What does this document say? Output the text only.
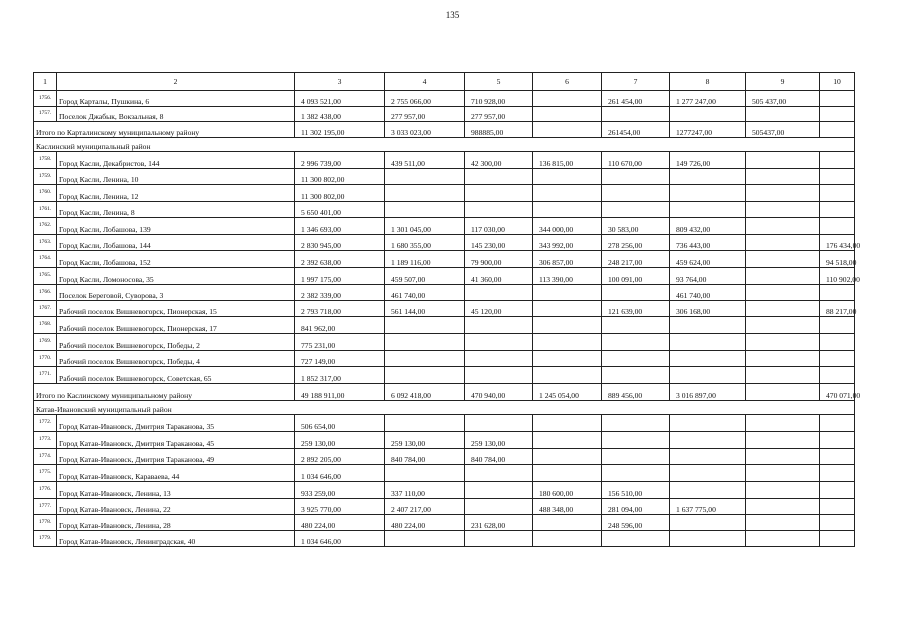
135
1	2	3	4	5	6	7	8	9	10
1756.	Город Карталы, Пушкина, 6	4 093 521,00	2 755 066,00	710 928,00		261 454,00	1 277 247,00	505 437,00	
1757.	Поселок Джабык, Вокзальная, 8	1 382 438,00	277 957,00	277 957,00					
Итого по Карталинскому муниципальному району		11 302 195,00	3 033 023,00	988885,00		261454,00	1277247,00	505437,00	
Каслинский муниципальный район									
1758.	Город Касли, Декабристов, 144	2 996 739,00	439 511,00	42 300,00	136 815,00	110 670,00	149 726,00		
1759.	Город Касли, Ленина, 10	11 300 802,00							
1760.	Город Касли, Ленина, 12	11 300 802,00							
1761.	Город Касли, Ленина, 8	5 650 401,00							
1762.	Город Касли, Лобашова, 139	1 346 693,00	1 301 045,00	117 030,00	344 000,00	30 583,00	809 432,00		
1763.	Город Касли, Лобашова, 144	2 830 945,00	1 680 355,00	145 230,00	343 992,00	278 256,00	736 443,00		176 434,00
1764.	Город Касли, Лобашова, 152	2 392 638,00	1 189 116,00	79 900,00	306 857,00	248 217,00	459 624,00		94 518,00
1765.	Город Касли, Ломоносова, 35	1 997 175,00	459 507,00	41 360,00	113 390,00	100 091,00	93 764,00		110 902,00
1766.	Поселок Береговой, Суворова, 3	2 382 339,00	461 740,00				461 740,00		
1767.	Рабочий поселок Вишневогорск, Пионерская, 15	2 793 718,00	561 144,00	45 120,00		121 639,00	306 168,00		88 217,00
1768.	Рабочий поселок Вишневогорск, Пионерская, 17	841 962,00							
1769.	Рабочий поселок Вишневогорск, Победы, 2	775 231,00							
1770.	Рабочий поселок Вишневогорск, Победы, 4	727 149,00							
1771.	Рабочий поселок Вишневогорск, Советская, 65	1 852 317,00							
Итого по Каслинскому муниципальному району		49 188 911,00	6 092 418,00	470 940,00	1 245 054,00	889 456,00	3 016 897,00		470 071,00
Катав-Ивановский муниципальный район									
1772.	Город Катав-Ивановск, Дмитрия Тараканова, 35	506 654,00							
1773.	Город Катав-Ивановск, Дмитрия Тараканова, 45	259 130,00	259 130,00	259 130,00					
1774.	Город Катав-Ивановск, Дмитрия Тараканова, 49	2 892 205,00	840 784,00	840 784,00					
1775.	Город Катав-Ивановск, Караваева, 44	1 034 646,00							
1776.	Город Катав-Ивановск, Ленина, 13	933 259,00	337 110,00		180 600,00	156 510,00			
1777.	Город Катав-Ивановск, Ленина, 22	3 925 770,00	2 407 217,00		488 348,00	281 094,00	1 637 775,00		
1778.	Город Катав-Ивановск, Ленина, 28	480 224,00	480 224,00	231 628,00		248 596,00			
1779.	Город Катав-Ивановск, Ленинградская, 40	1 034 646,00							
